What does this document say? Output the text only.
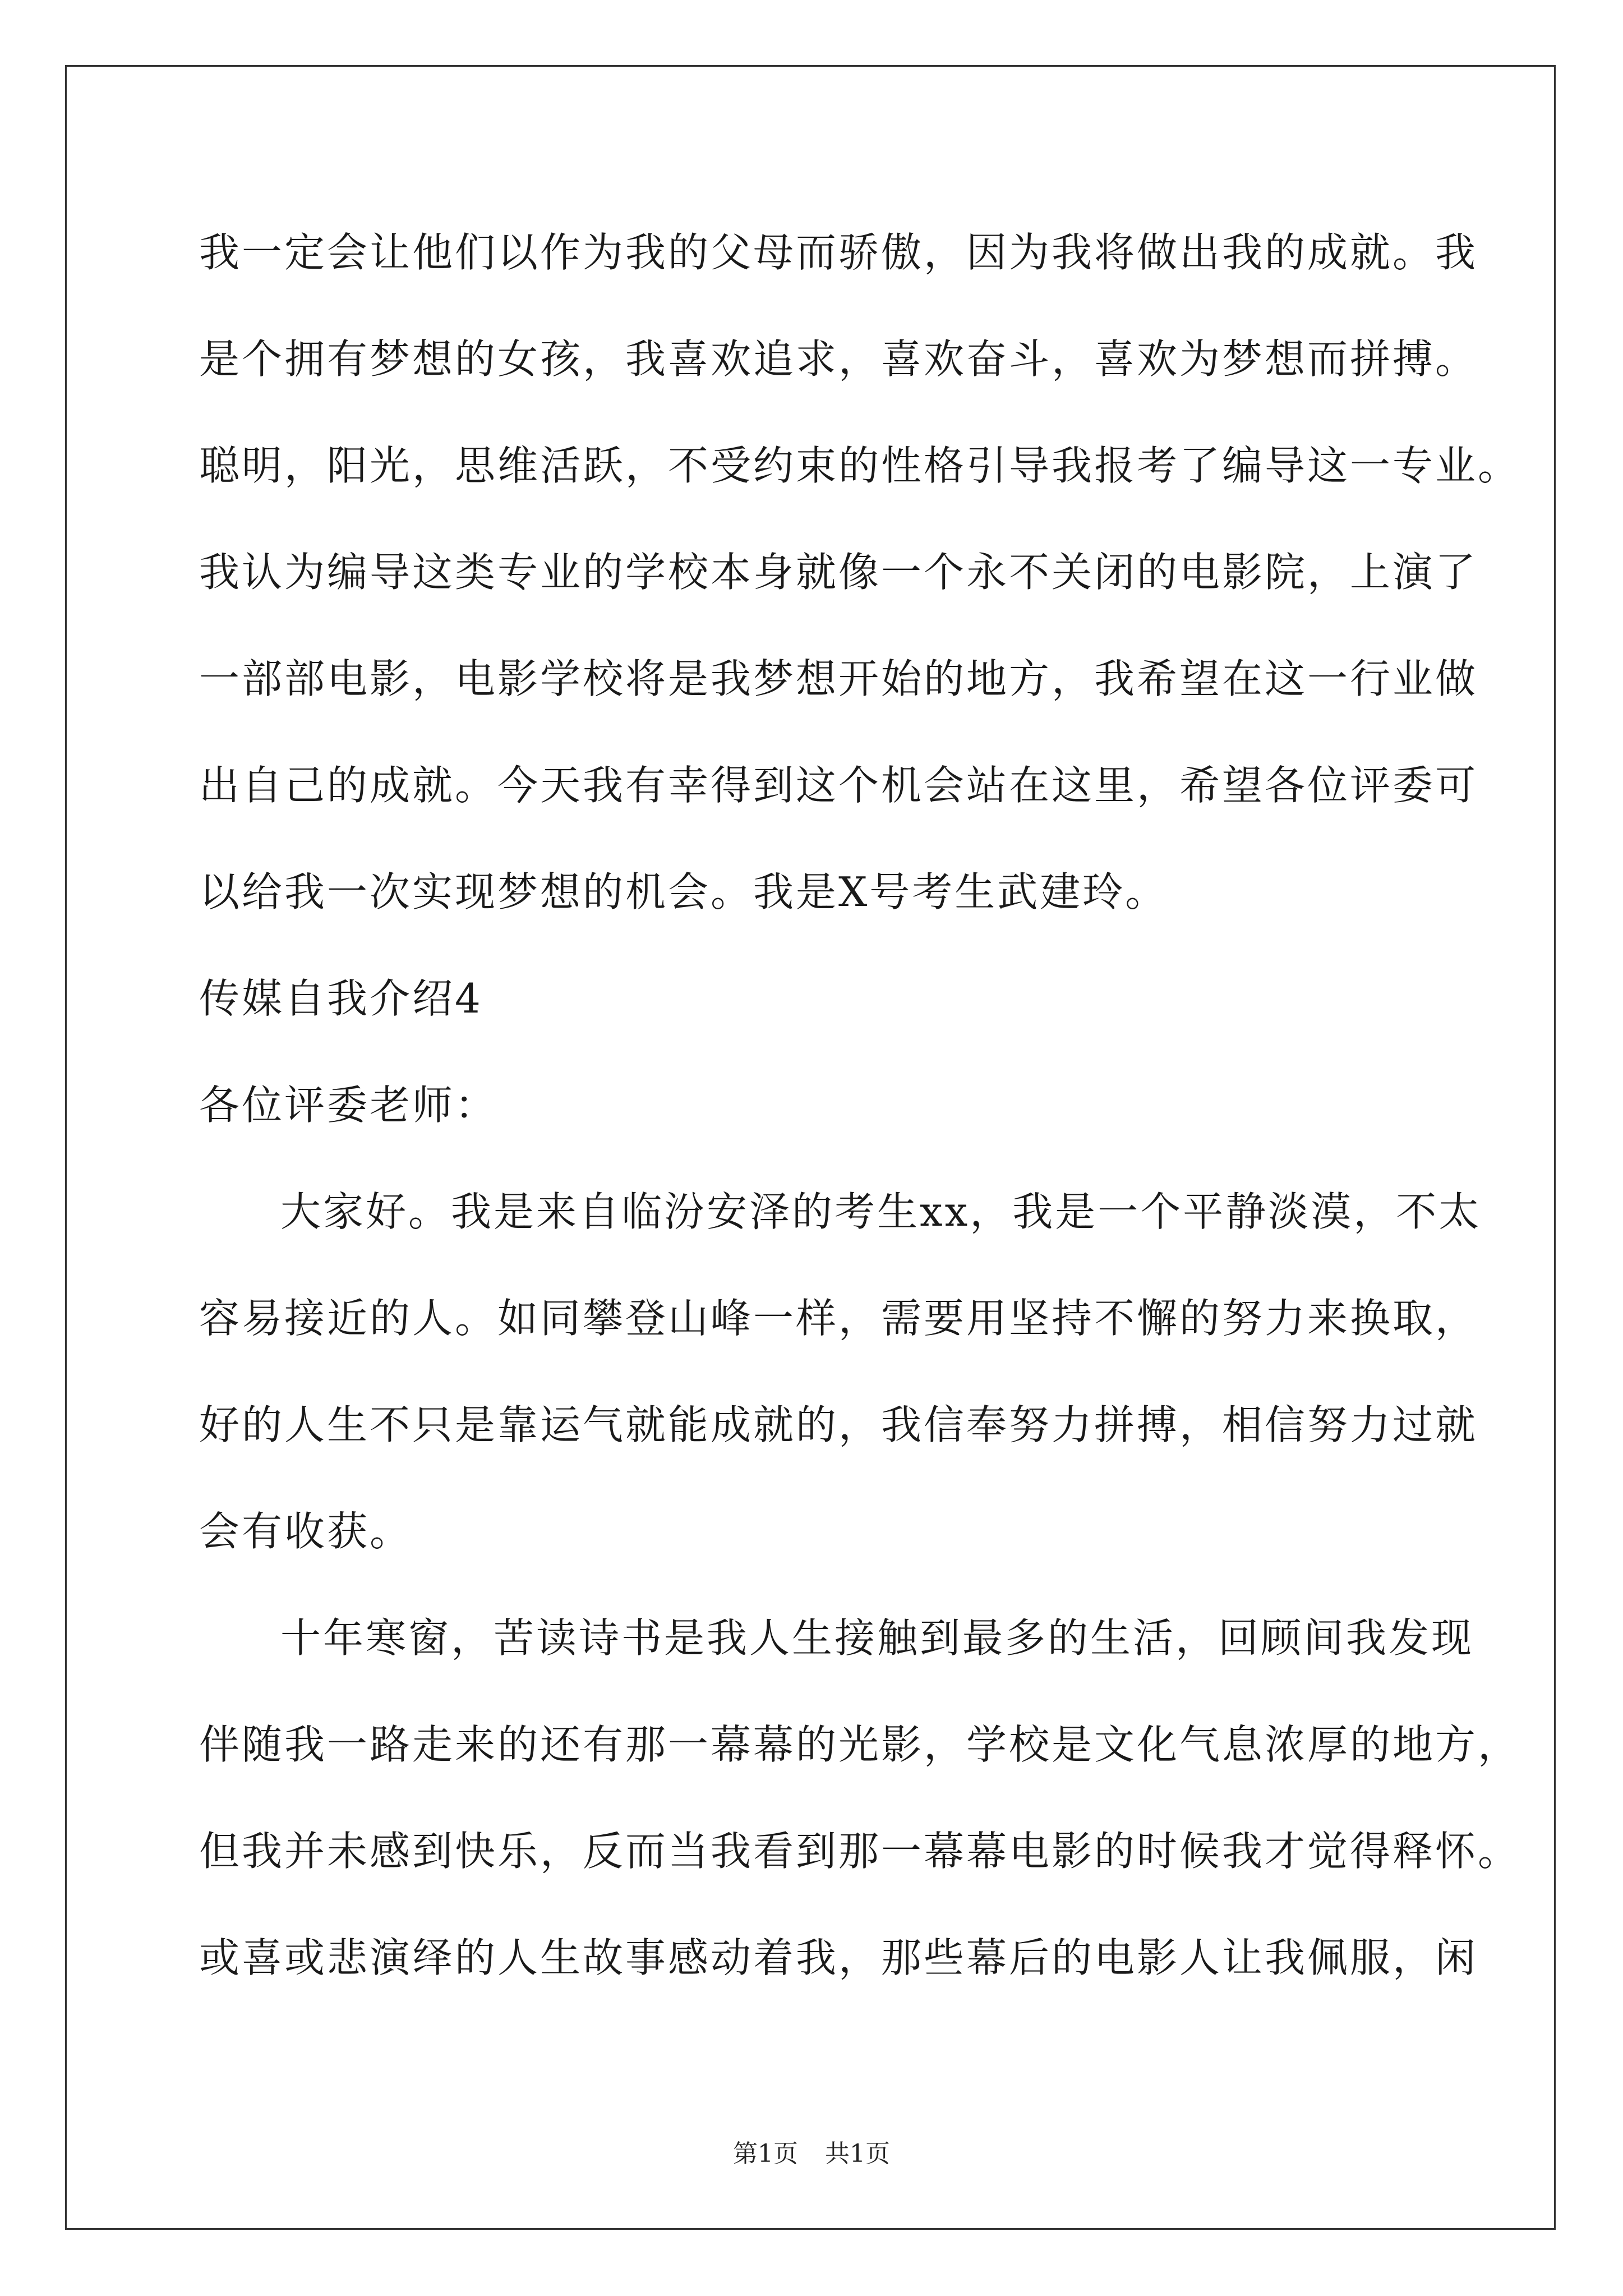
我一定会让他们以作为我的父母而骄傲，因为我将做出我的成就。我
是个拥有梦想的女孩，我喜欢追求，喜欢奋斗，喜欢为梦想而拼搏。
聪明，阳光，思维活跃，不受约束的性格引导我报考了编导这一专业。
我认为编导这类专业的学校本身就像一个永不关闭的电影院，上演了
一部部电影，电影学校将是我梦想开始的地方，我希望在这一行业做
出自己的成就。今天我有幸得到这个机会站在这里，希望各位评委可
以给我一次实现梦想的机会。我是X号考生武建玲。
传媒自我介绍4
各位评委老师：
大家好。我是来自临汾安泽的考生xx，我是一个平静淡漠，不太
容易接近的人。如同攀登山峰一样，需要用坚持不懈的努力来换取，
好的人生不只是靠运气就能成就的，我信奉努力拼搏，相信努力过就
会有收获。
十年寒窗，苦读诗书是我人生接触到最多的生活，回顾间我发现
伴随我一路走来的还有那一幕幕的光影，学校是文化气息浓厚的地方，
但我并未感到快乐，反而当我看到那一幕幕电影的时候我才觉得释怀。
或喜或悲演绎的人生故事感动着我，那些幕后的电影人让我佩服，闲
第1页 共1页
